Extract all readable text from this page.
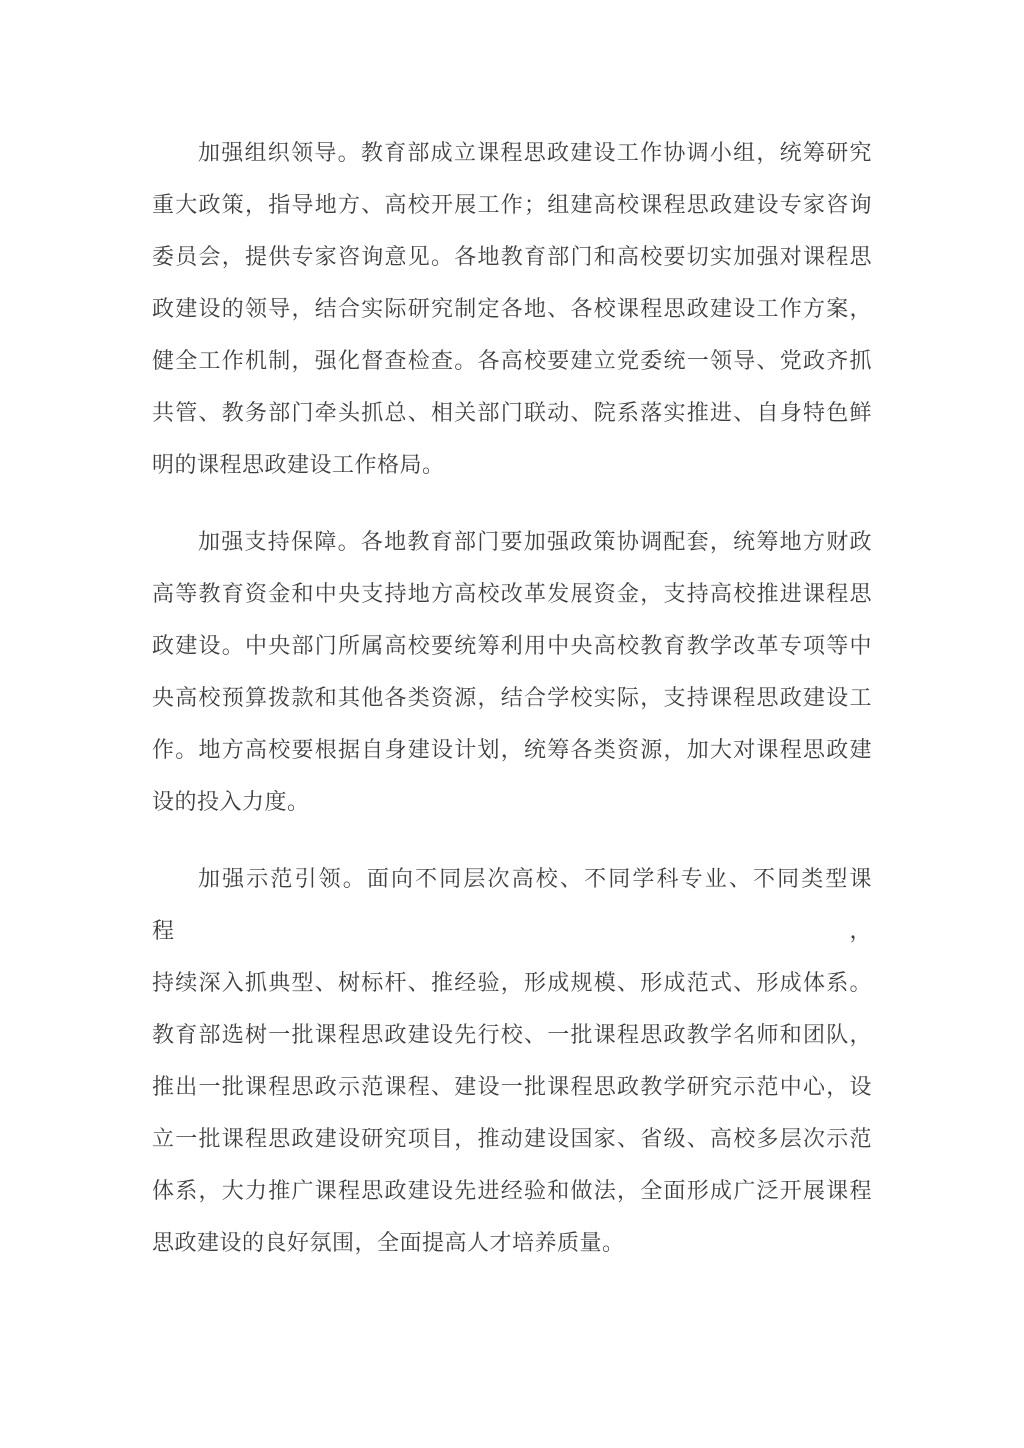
加强组织领导。教育部成立课程思政建设工作协调小组，统筹研究
重大政策，指导地方、高校开展工作；组建高校课程思政建设专家咨询
委员会，提供专家咨询意见。各地教育部门和高校要切实加强对课程思
政建设的领导，结合实际研究制定各地、各校课程思政建设工作方案，
健全工作机制，强化督查检查。各高校要建立党委统一领导、党政齐抓
共管、教务部门牵头抓总、相关部门联动、院系落实推进、自身特色鲜
明的课程思政建设工作格局。
加强支持保障。各地教育部门要加强政策协调配套，统筹地方财政
高等教育资金和中央支持地方高校改革发展资金，支持高校推进课程思
政建设。中央部门所属高校要统筹利用中央高校教育教学改革专项等中
央高校预算拨款和其他各类资源，结合学校实际，支持课程思政建设工
作。地方高校要根据自身建设计划，统筹各类资源，加大对课程思政建
设的投入力度。
加强示范引领。面向不同层次高校、不同学科专业、不同类型课程，
持续深入抓典型、树标杆、推经验，形成规模、形成范式、形成体系。
教育部选树一批课程思政建设先行校、一批课程思政教学名师和团队，
推出一批课程思政示范课程、建设一批课程思政教学研究示范中心，设
立一批课程思政建设研究项目，推动建设国家、省级、高校多层次示范
体系，大力推广课程思政建设先进经验和做法，全面形成广泛开展课程
思政建设的良好氛围，全面提高人才培养质量。
